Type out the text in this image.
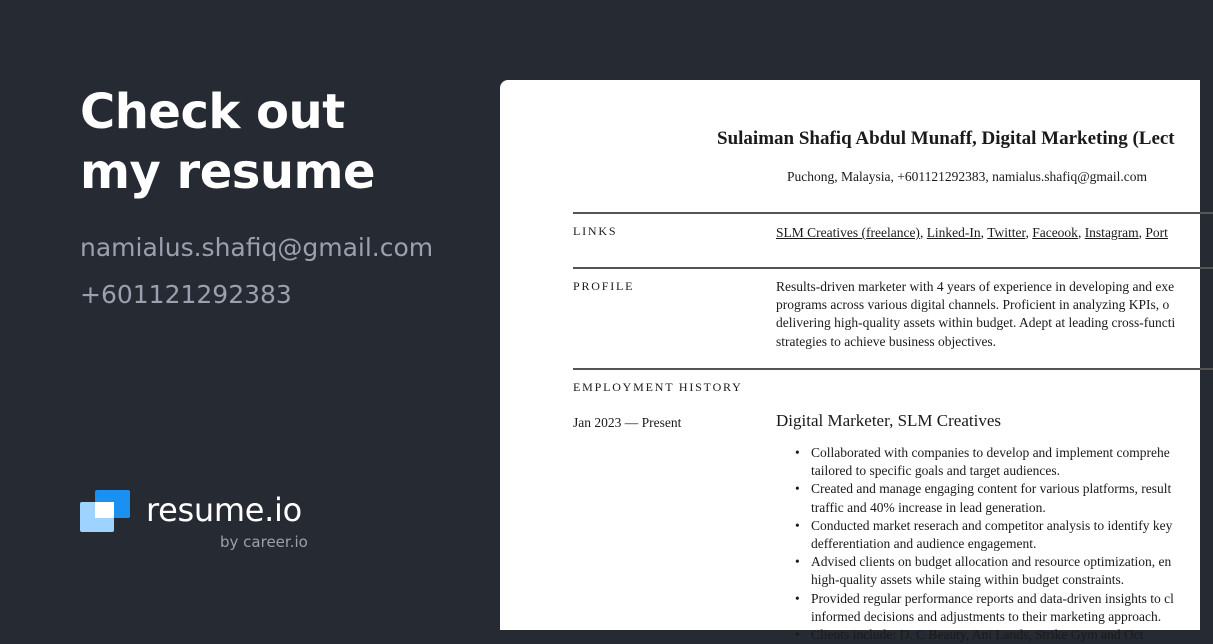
Check out
my resume
namialus.shafiq@gmail.com
+601121292383
resume.io
by career.io
Sulaiman Shafiq Abdul Munaff, Digital Marketing (Lect
Puchong, Malaysia, +601121292383, namialus.shafiq@gmail.com
LINKS	SLM Creatives (freelance), Linked-In, Twitter, Faceook, Instagram, Port
PROFILE	Results-driven marketer with 4 years of experience in developing and exe
programs across various digital channels. Proficient in analyzing KPIs, o
delivering high-quality assets within budget. Adept at leading cross-functi
strategies to achieve business objectives.
EMPLOYMENT HISTORY
Jan 2023 — Present	Digital Marketer, SLM Creatives
• Collaborated with companies to develop and implement comprehe
tailored to specific goals and target audiences.
• Created and manage engaging content for various platforms, result
traffic and 40% increase in lead generation.
• Conducted market reserach and competitor analysis to identify key
defferentiation and audience engagement.
• Advised clients on budget allocation and resource optimization, en
high-quality assets while staing within budget constraints.
• Provided regular performance reports and data-driven insights to cl
informed decisions and adjustments to their marketing approach.
• Clients include: D. C Beauty, Ani Lands, Strike Gym and Oct
